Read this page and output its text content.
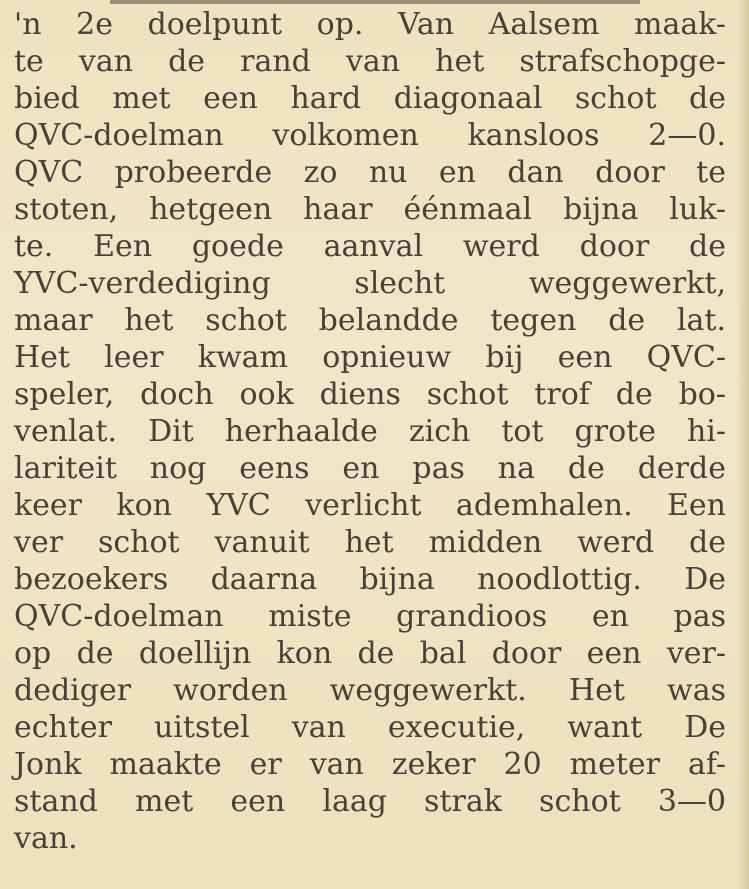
'n 2e doelpunt op. Van Aalsem maak-
te van de rand van het strafschopge-
bied met een hard diagonaal schot de
QVC-doelman volkomen kansloos 2—0.
QVC probeerde zo nu en dan door te
stoten, hetgeen haar éénmaal bijna luk-
te. Een goede aanval werd door de
YVC-verdediging slecht weggewerkt,
maar het schot belandde tegen de lat.
Het leer kwam opnieuw bij een QVC-
speler, doch ook diens schot trof de bo-
venlat. Dit herhaalde zich tot grote hi-
lariteit nog eens en pas na de derde
keer kon YVC verlicht ademhalen. Een
ver schot vanuit het midden werd de
bezoekers daarna bijna noodlottig. De
QVC-doelman miste grandioos en pas
op de doellijn kon de bal door een ver-
dediger worden weggewerkt. Het was
echter uitstel van executie, want De
Jonk maakte er van zeker 20 meter af-
stand met een laag strak schot 3—0
van.
